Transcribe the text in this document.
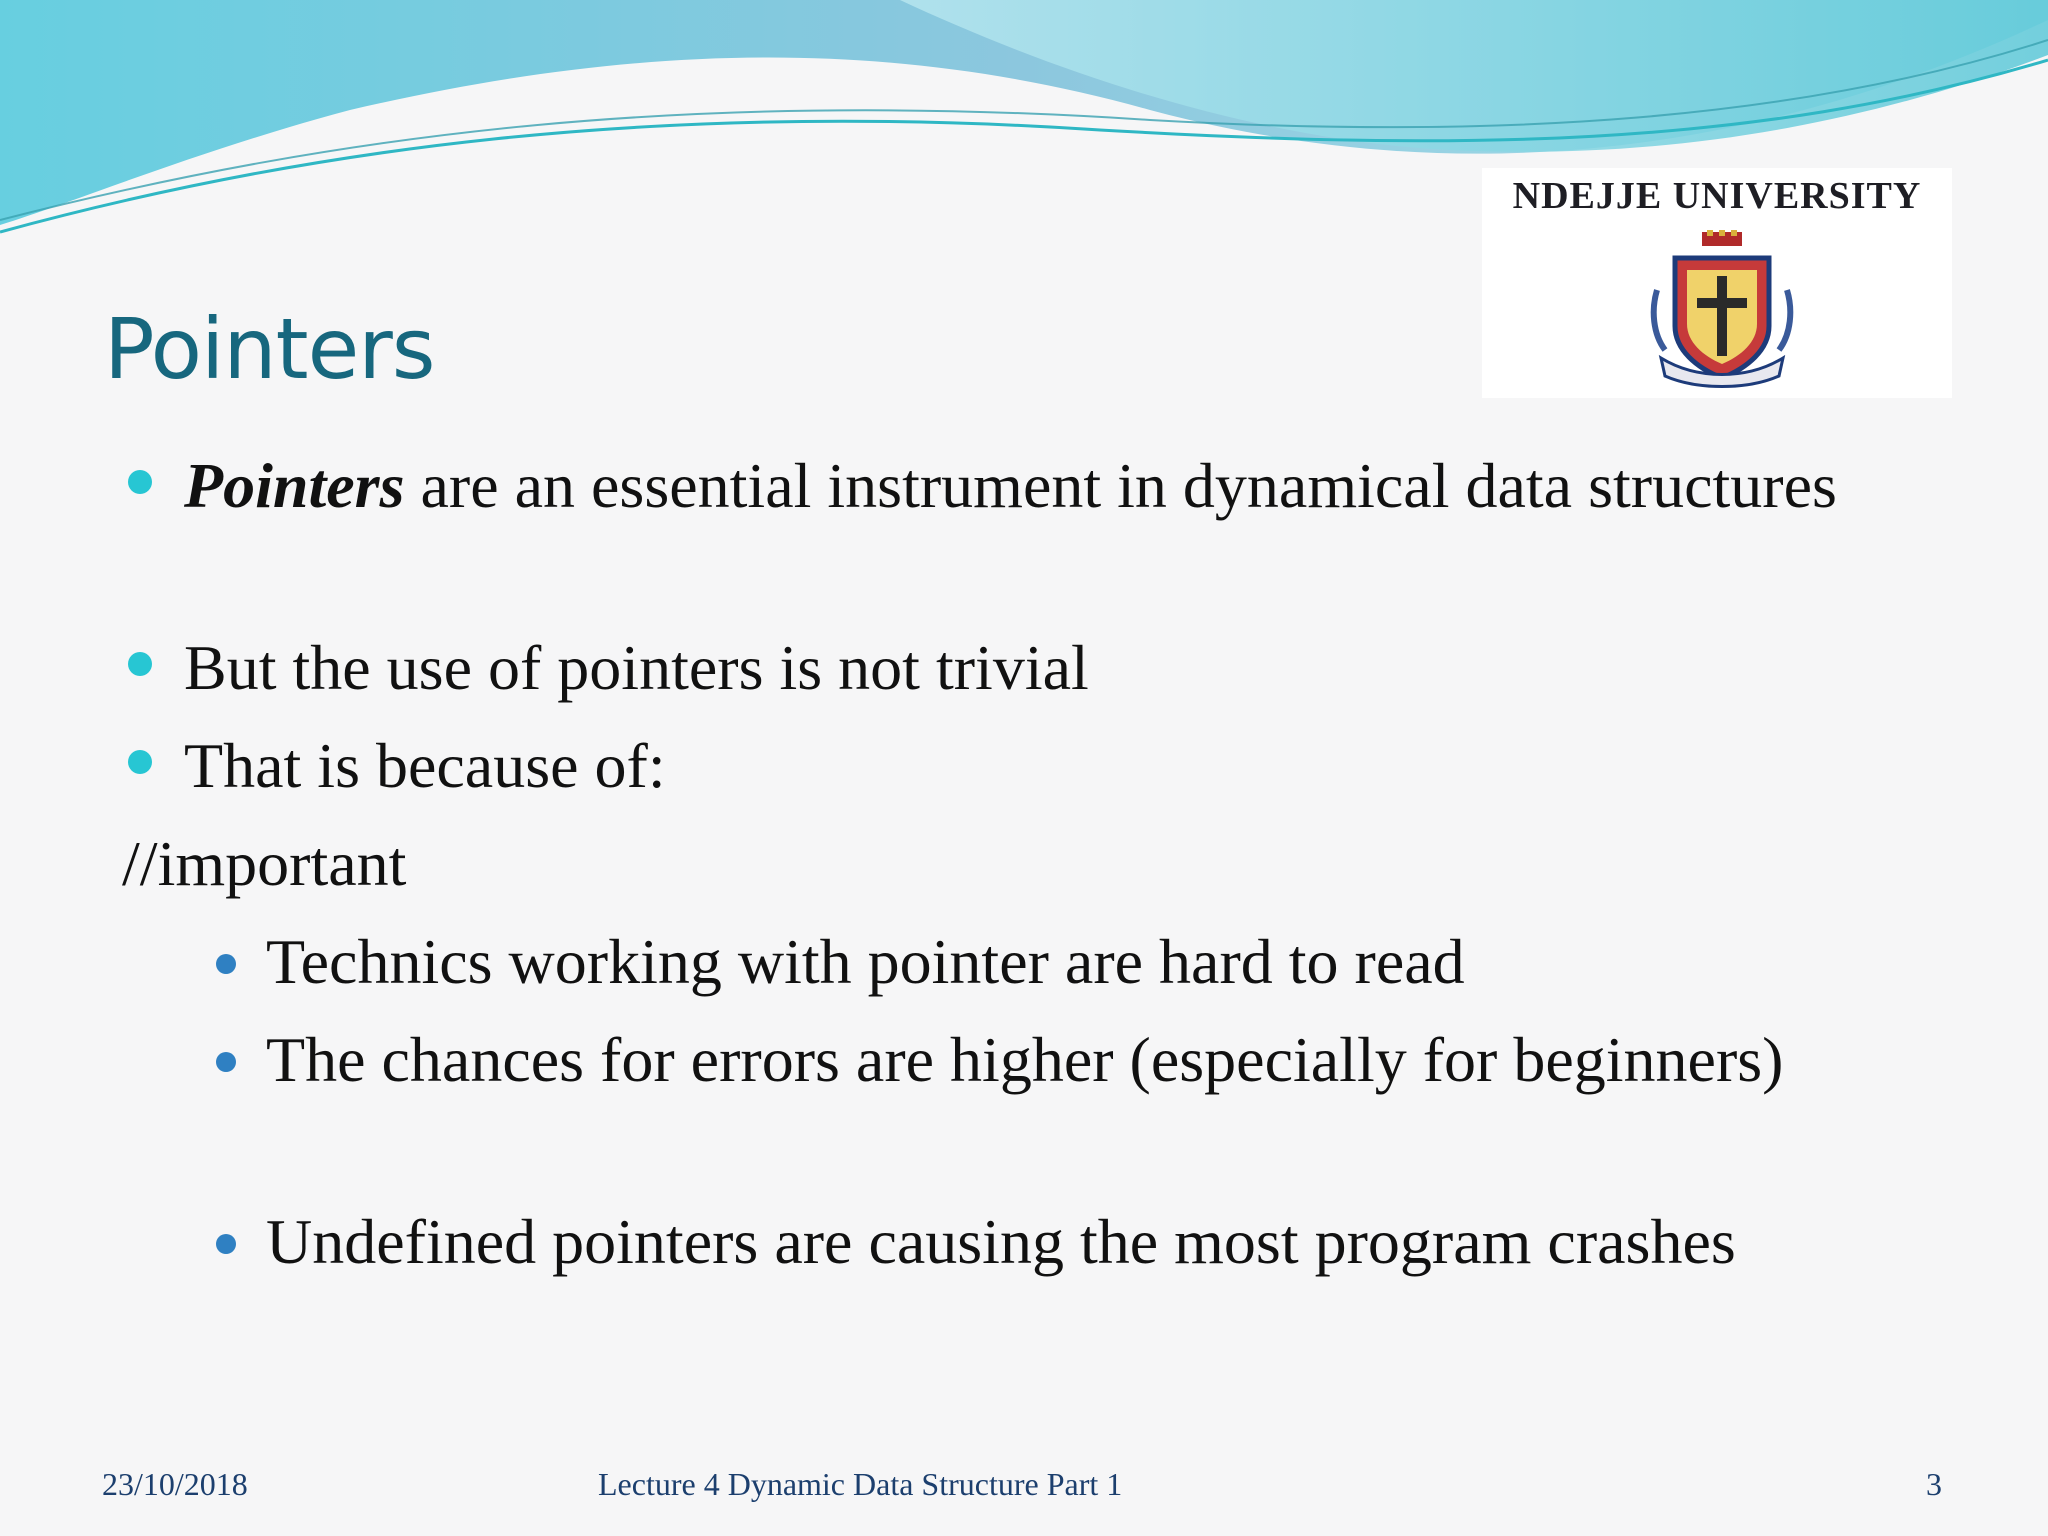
NDEJJE UNIVERSITY
Pointers
Pointers are an essential instrument in dynamical data structures
But the use of pointers is not trivial
That is because of:
//important
Technics working with pointer are hard to read
The chances for errors are higher (especially for beginners)
Undefined pointers are causing the most program crashes
23/10/2018	Lecture 4 Dynamic Data Structure Part 1	3
